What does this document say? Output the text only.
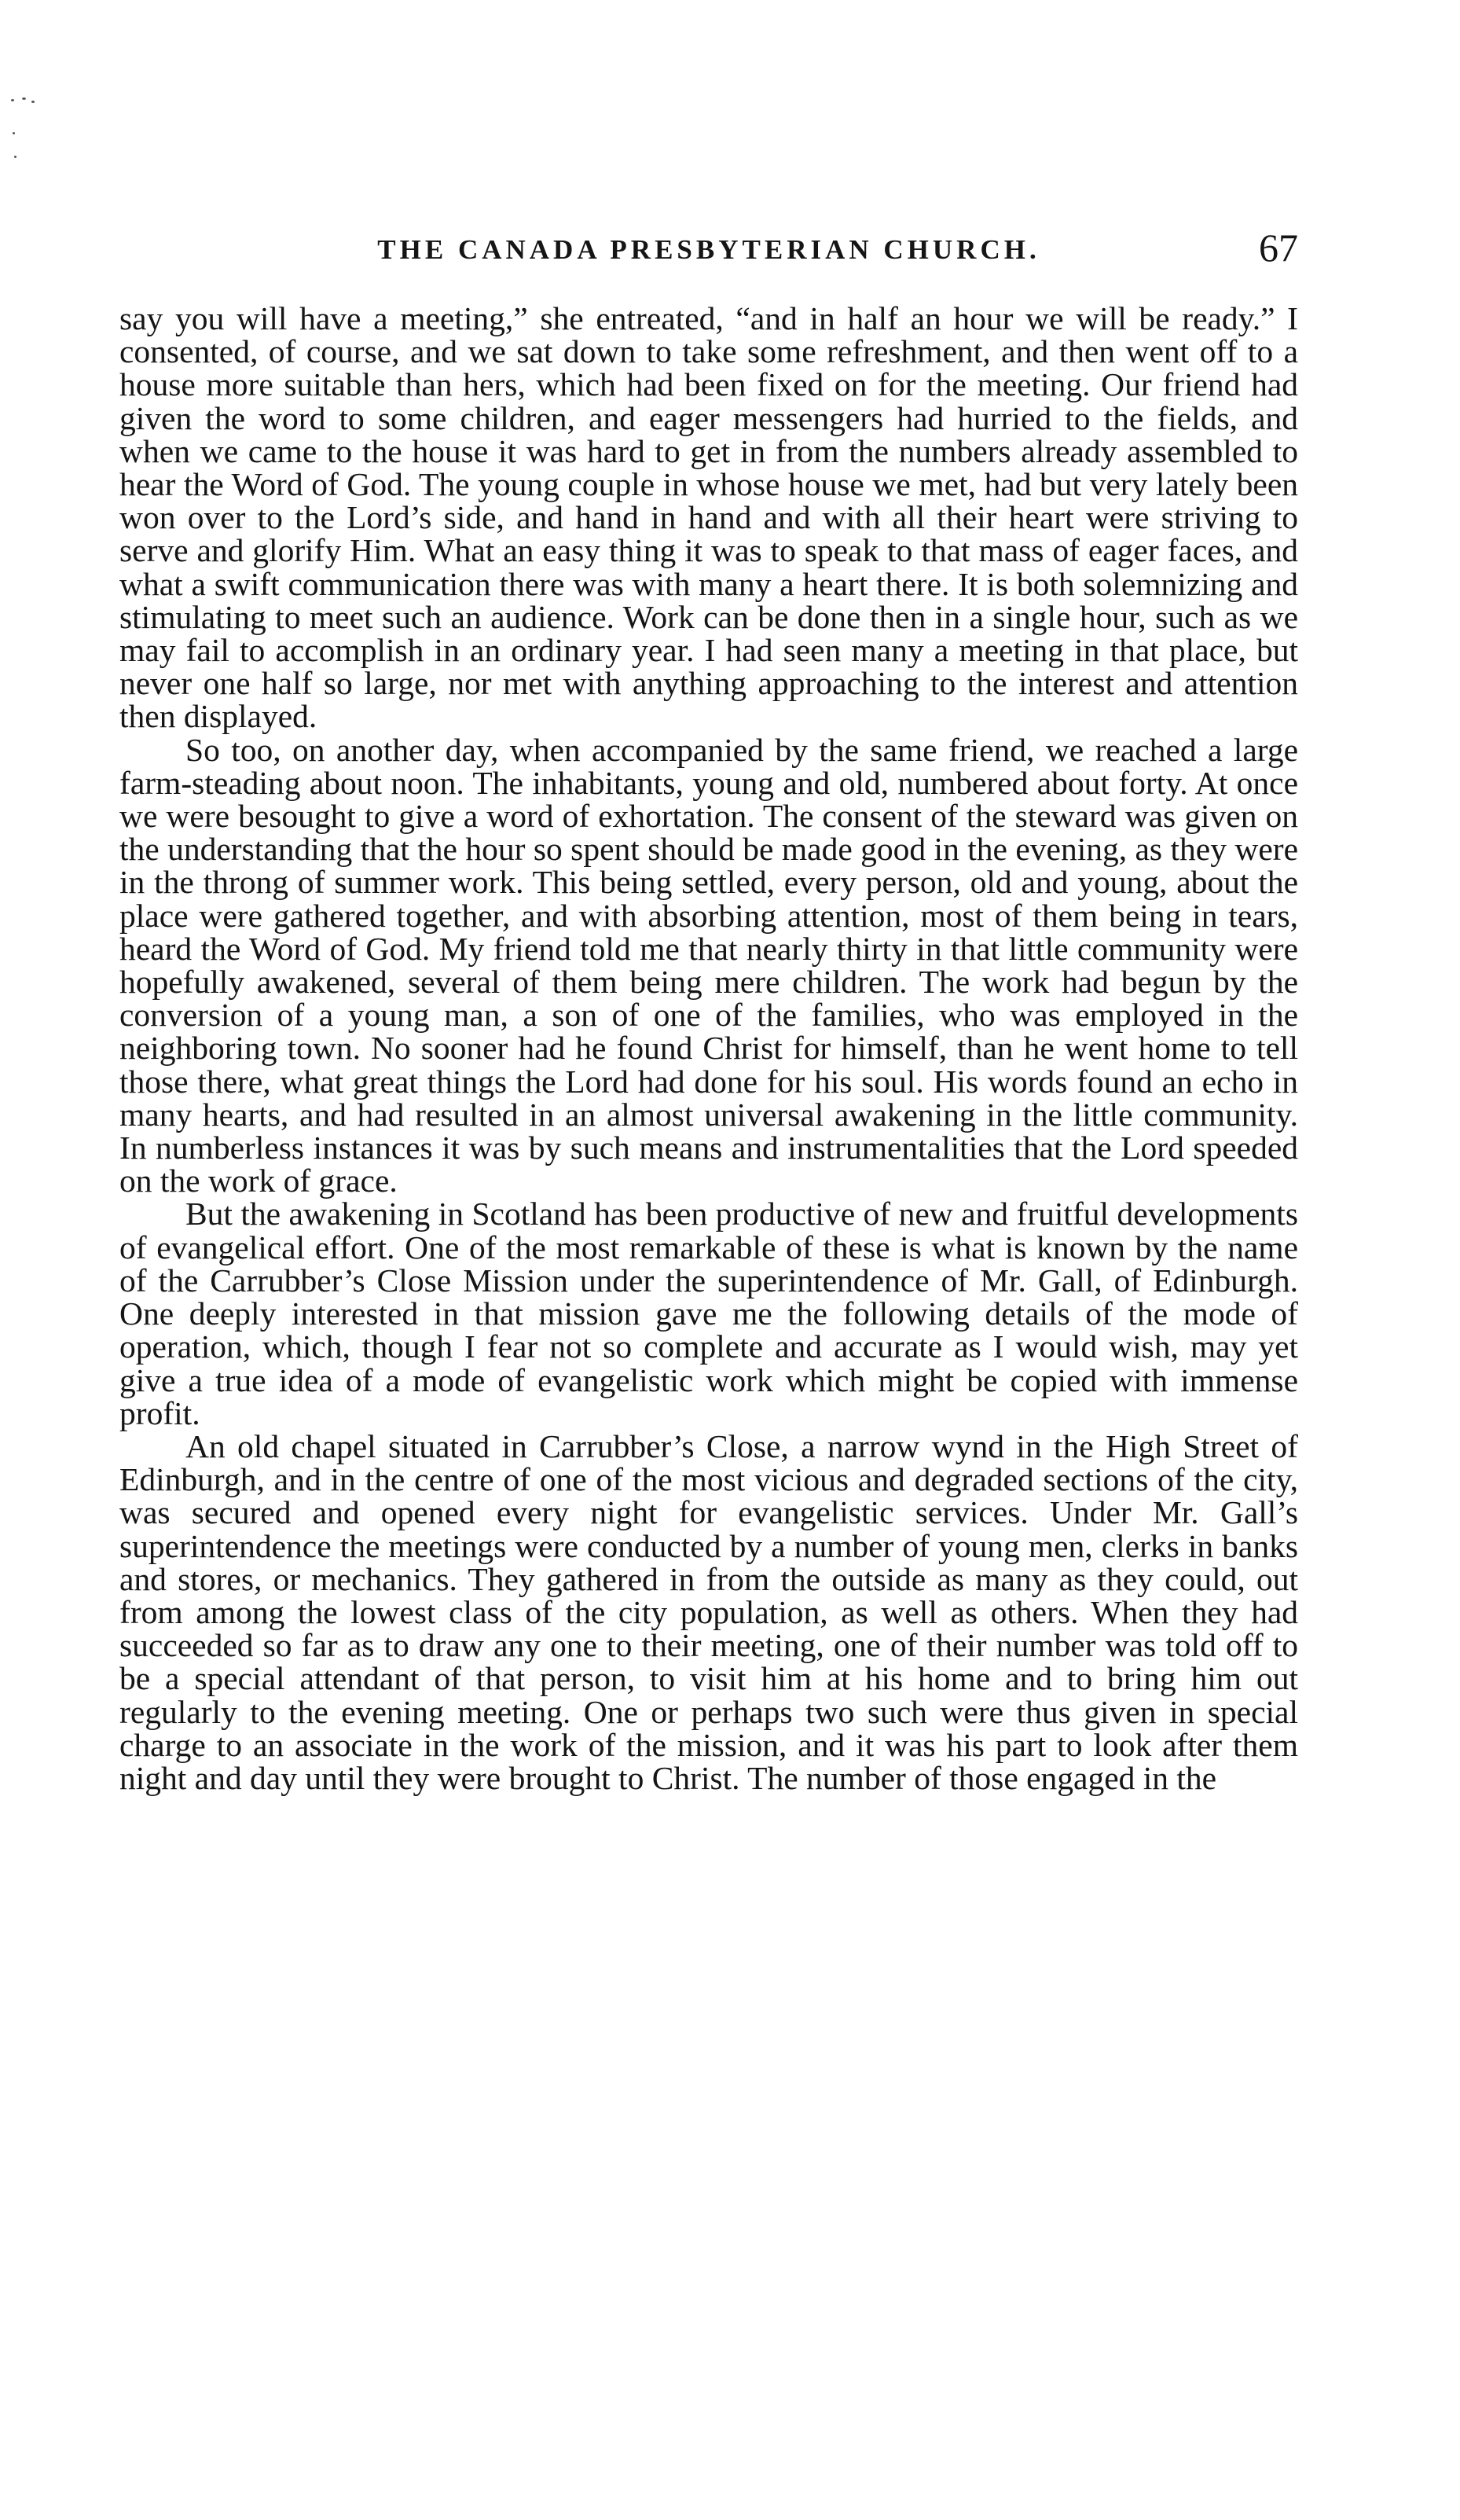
THE CANADA PRESBYTERIAN CHURCH.	67

say you will have a meeting,” she entreated, “and in half an hour we will be ready.” I consented, of course, and we sat down to take some refreshment, and then went off to a house more suitable than hers, which had been fixed on for the meeting. Our friend had given the word to some children, and eager messengers had hurried to the fields, and when we came to the house it was hard to get in from the numbers already assembled to hear the Word of God. The young couple in whose house we met, had but very lately been won over to the Lord’s side, and hand in hand and with all their heart were striving to serve and glorify Him. What an easy thing it was to speak to that mass of eager faces, and what a swift communication there was with many a heart there. It is both solemnizing and stimulating to meet such an audience. Work can be done then in a single hour, such as we may fail to accomplish in an ordinary year. I had seen many a meeting in that place, but never one half so large, nor met with anything approaching to the interest and attention then displayed.

So too, on another day, when accompanied by the same friend, we reached a large farm-steading about noon. The inhabitants, young and old, numbered about forty. At once we were besought to give a word of exhortation. The consent of the steward was given on the understanding that the hour so spent should be made good in the evening, as they were in the throng of summer work. This being settled, every person, old and young, about the place were gathered together, and with absorbing attention, most of them being in tears, heard the Word of God. My friend told me that nearly thirty in that little community were hopefully awakened, several of them being mere children. The work had begun by the conversion of a young man, a son of one of the families, who was employed in the neighboring town. No sooner had he found Christ for himself, than he went home to tell those there, what great things the Lord had done for his soul. His words found an echo in many hearts, and had resulted in an almost universal awakening in the little community. In numberless instances it was by such means and instrumentalities that the Lord speeded on the work of grace.

But the awakening in Scotland has been productive of new and fruitful developments of evangelical effort. One of the most remarkable of these is what is known by the name of the Carrubber’s Close Mission under the superintendence of Mr. Gall, of Edinburgh. One deeply interested in that mission gave me the following details of the mode of operation, which, though I fear not so complete and accurate as I would wish, may yet give a true idea of a mode of evangelistic work which might be copied with immense profit.

An old chapel situated in Carrubber’s Close, a narrow wynd in the High Street of Edinburgh, and in the centre of one of the most vicious and degraded sections of the city, was secured and opened every night for evangelistic services. Under Mr. Gall’s superintendence the meetings were conducted by a number of young men, clerks in banks and stores, or mechanics. They gathered in from the outside as many as they could, out from among the lowest class of the city population, as well as others. When they had succeeded so far as to draw any one to their meeting, one of their number was told off to be a special attendant of that person, to visit him at his home and to bring him out regularly to the evening meeting. One or perhaps two such were thus given in special charge to an associate in the work of the mission, and it was his part to look after them night and day until they were brought to Christ. The number of those engaged in the
